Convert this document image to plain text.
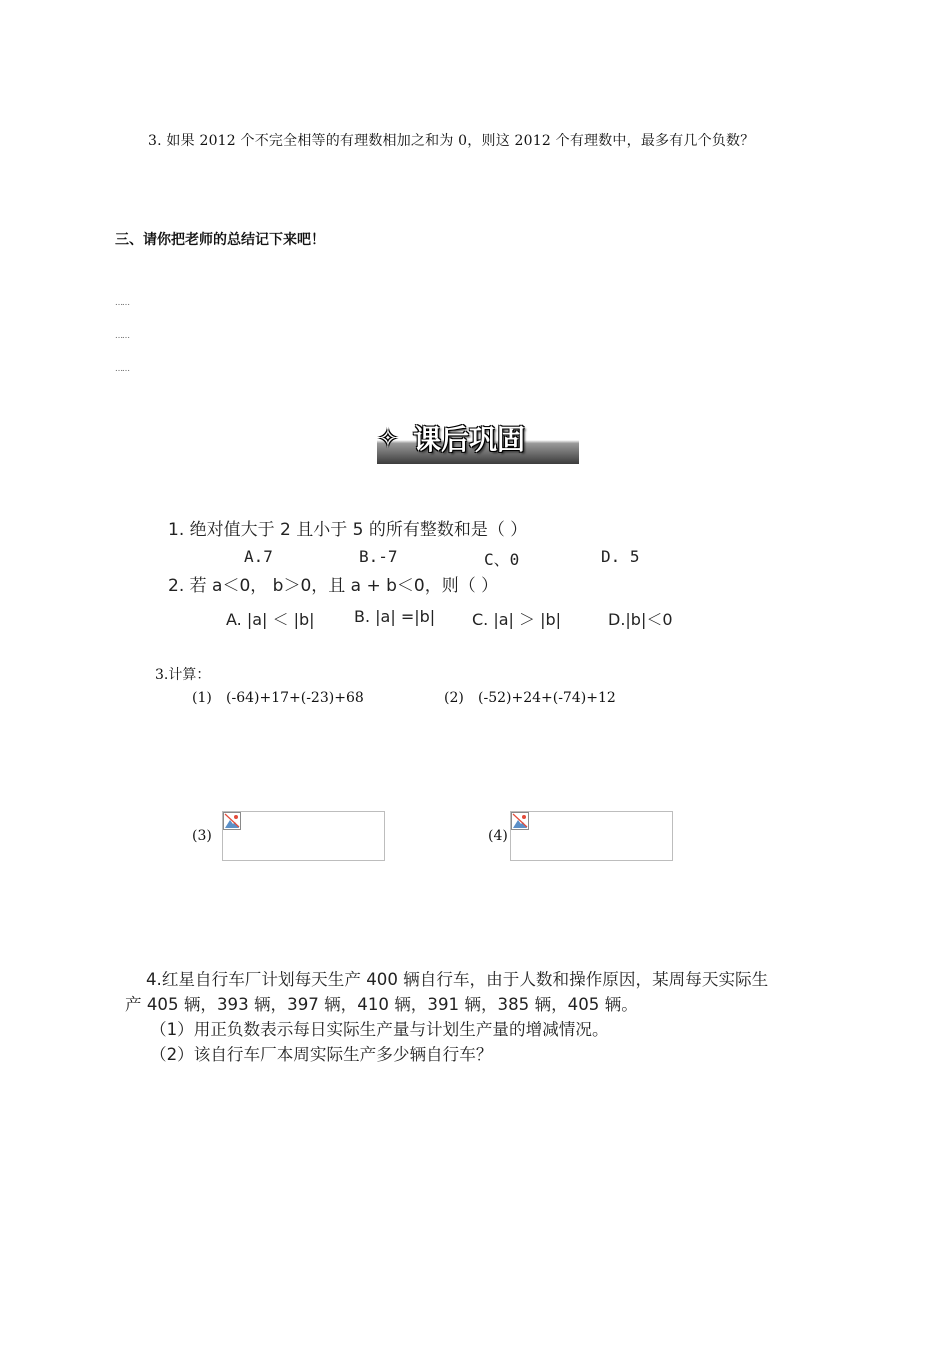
3. 如果 2012 个不完全相等的有理数相加之和为 0，则这 2012 个有理数中，最多有几个负数？
三、请你把老师的总结记下来吧！
……
……
……
✧ 课后巩固
1. 绝对值大于 2 且小于 5 的所有整数和是（ ）
A.7	B.-7	C、0	D. 5
2. 若 a＜0， b＞0，且 a + b＜0，则（ ）
A. |a| ＜ |b| B. |a| =|b| C. |a| ＞ |b|	D.|b|＜0
3.计算：
(1) (-64)+17+(-23)+68	(2) (-52)+24+(-74)+12
(3)	(4)
4.红星自行车厂计划每天生产 400 辆自行车，由于人数和操作原因，某周每天实际生
产 405 辆，393 辆，397 辆，410 辆，391 辆，385 辆，405 辆。
（1）用正负数表示每日实际生产量与计划生产量的增减情况。
（2）该自行车厂本周实际生产多少辆自行车？
